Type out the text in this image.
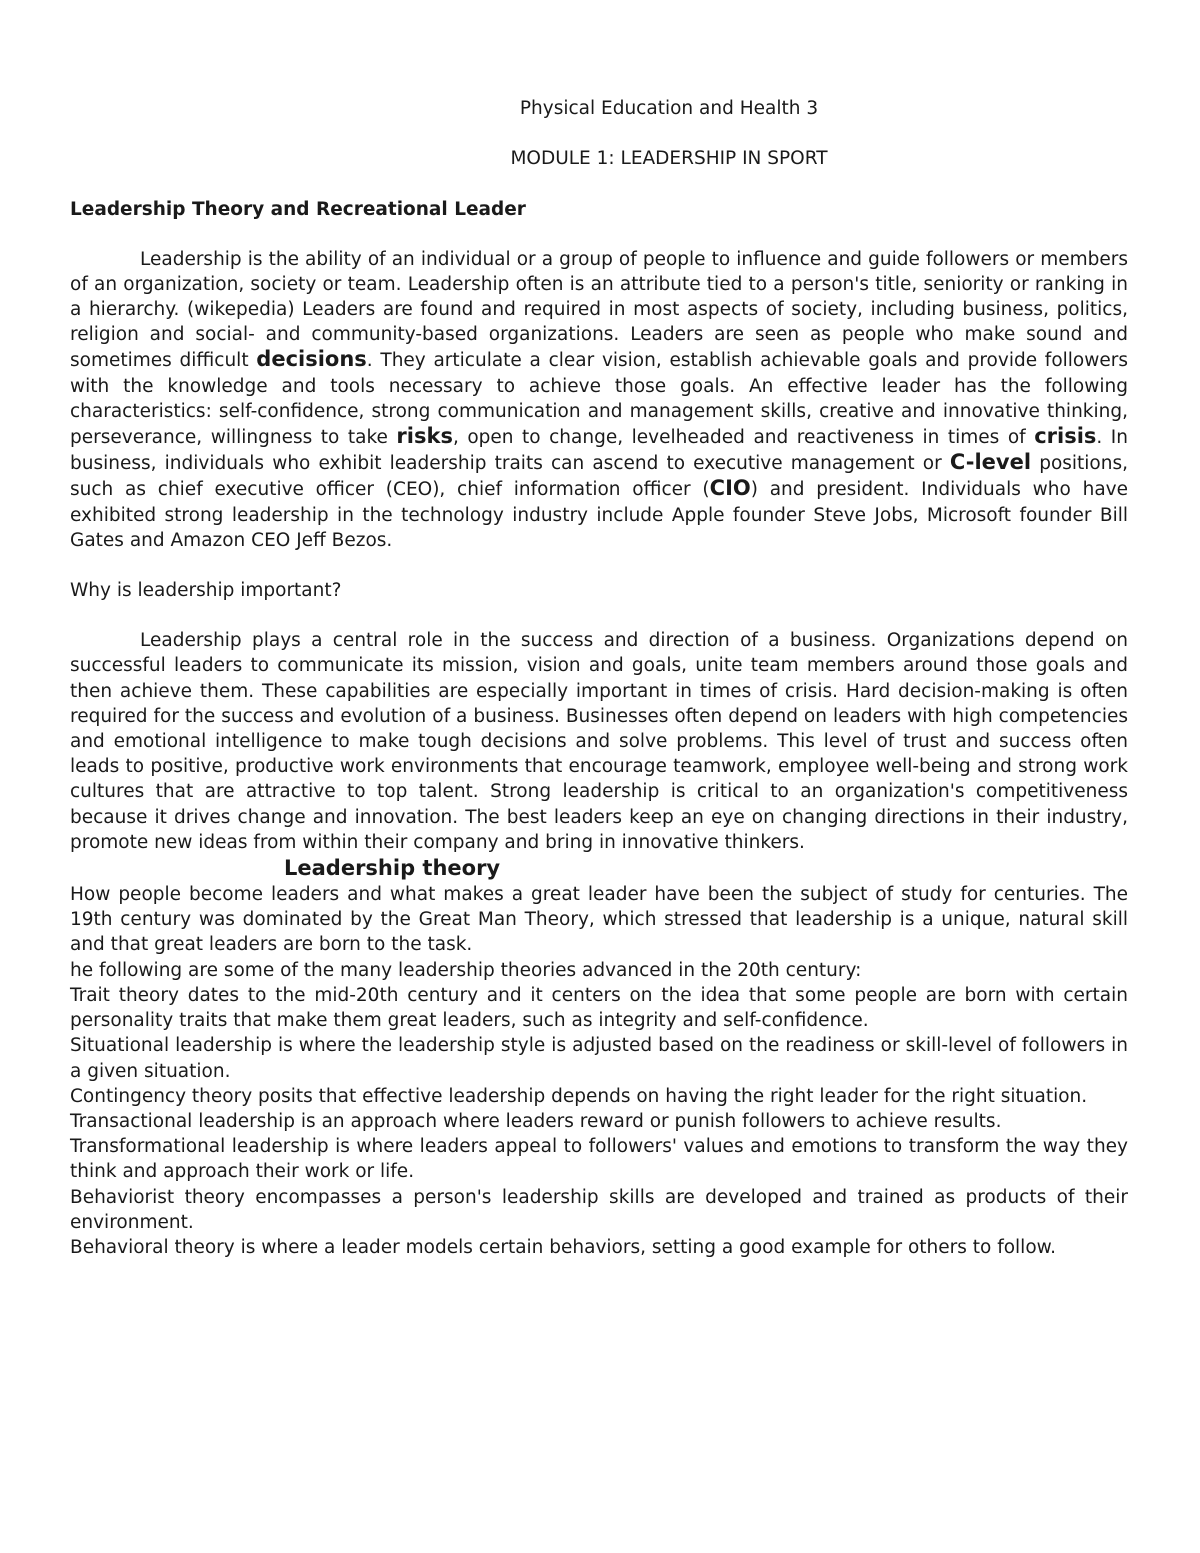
Physical Education and Health 3

MODULE 1: LEADERSHIP IN SPORT

Leadership Theory and Recreational Leader

Leadership is the ability of an individual or a group of people to influence and guide followers or members of an organization, society or team. Leadership often is an attribute tied to a person's title, seniority or ranking in a hierarchy. (wikepedia) Leaders are found and required in most aspects of society, including business, politics, religion and social- and community-based organizations. Leaders are seen as people who make sound and sometimes difficult decisions. They articulate a clear vision, establish achievable goals and provide followers with the knowledge and tools necessary to achieve those goals. An effective leader has the following characteristics: self-confidence, strong communication and management skills, creative and innovative thinking, perseverance, willingness to take risks, open to change, levelheaded and reactiveness in times of crisis. In business, individuals who exhibit leadership traits can ascend to executive management or C-level positions, such as chief executive officer (CEO), chief information officer (CIO) and president. Individuals who have exhibited strong leadership in the technology industry include Apple founder Steve Jobs, Microsoft founder Bill Gates and Amazon CEO Jeff Bezos.

Why is leadership important?

Leadership plays a central role in the success and direction of a business. Organizations depend on successful leaders to communicate its mission, vision and goals, unite team members around those goals and then achieve them. These capabilities are especially important in times of crisis. Hard decision-making is often required for the success and evolution of a business. Businesses often depend on leaders with high competencies and emotional intelligence to make tough decisions and solve problems. This level of trust and success often leads to positive, productive work environments that encourage teamwork, employee well-being and strong work cultures that are attractive to top talent. Strong leadership is critical to an organization's competitiveness because it drives change and innovation. The best leaders keep an eye on changing directions in their industry, promote new ideas from within their company and bring in innovative thinkers.

Leadership theory

How people become leaders and what makes a great leader have been the subject of study for centuries. The 19th century was dominated by the Great Man Theory, which stressed that leadership is a unique, natural skill and that great leaders are born to the task.

he following are some of the many leadership theories advanced in the 20th century:

Trait theory dates to the mid-20th century and it centers on the idea that some people are born with certain personality traits that make them great leaders, such as integrity and self-confidence.

Situational leadership is where the leadership style is adjusted based on the readiness or skill-level of followers in a given situation.

Contingency theory posits that effective leadership depends on having the right leader for the right situation.

Transactional leadership is an approach where leaders reward or punish followers to achieve results.

Transformational leadership is where leaders appeal to followers' values and emotions to transform the way they think and approach their work or life.

Behaviorist theory encompasses a person's leadership skills are developed and trained as products of their environment.

Behavioral theory is where a leader models certain behaviors, setting a good example for others to follow.
